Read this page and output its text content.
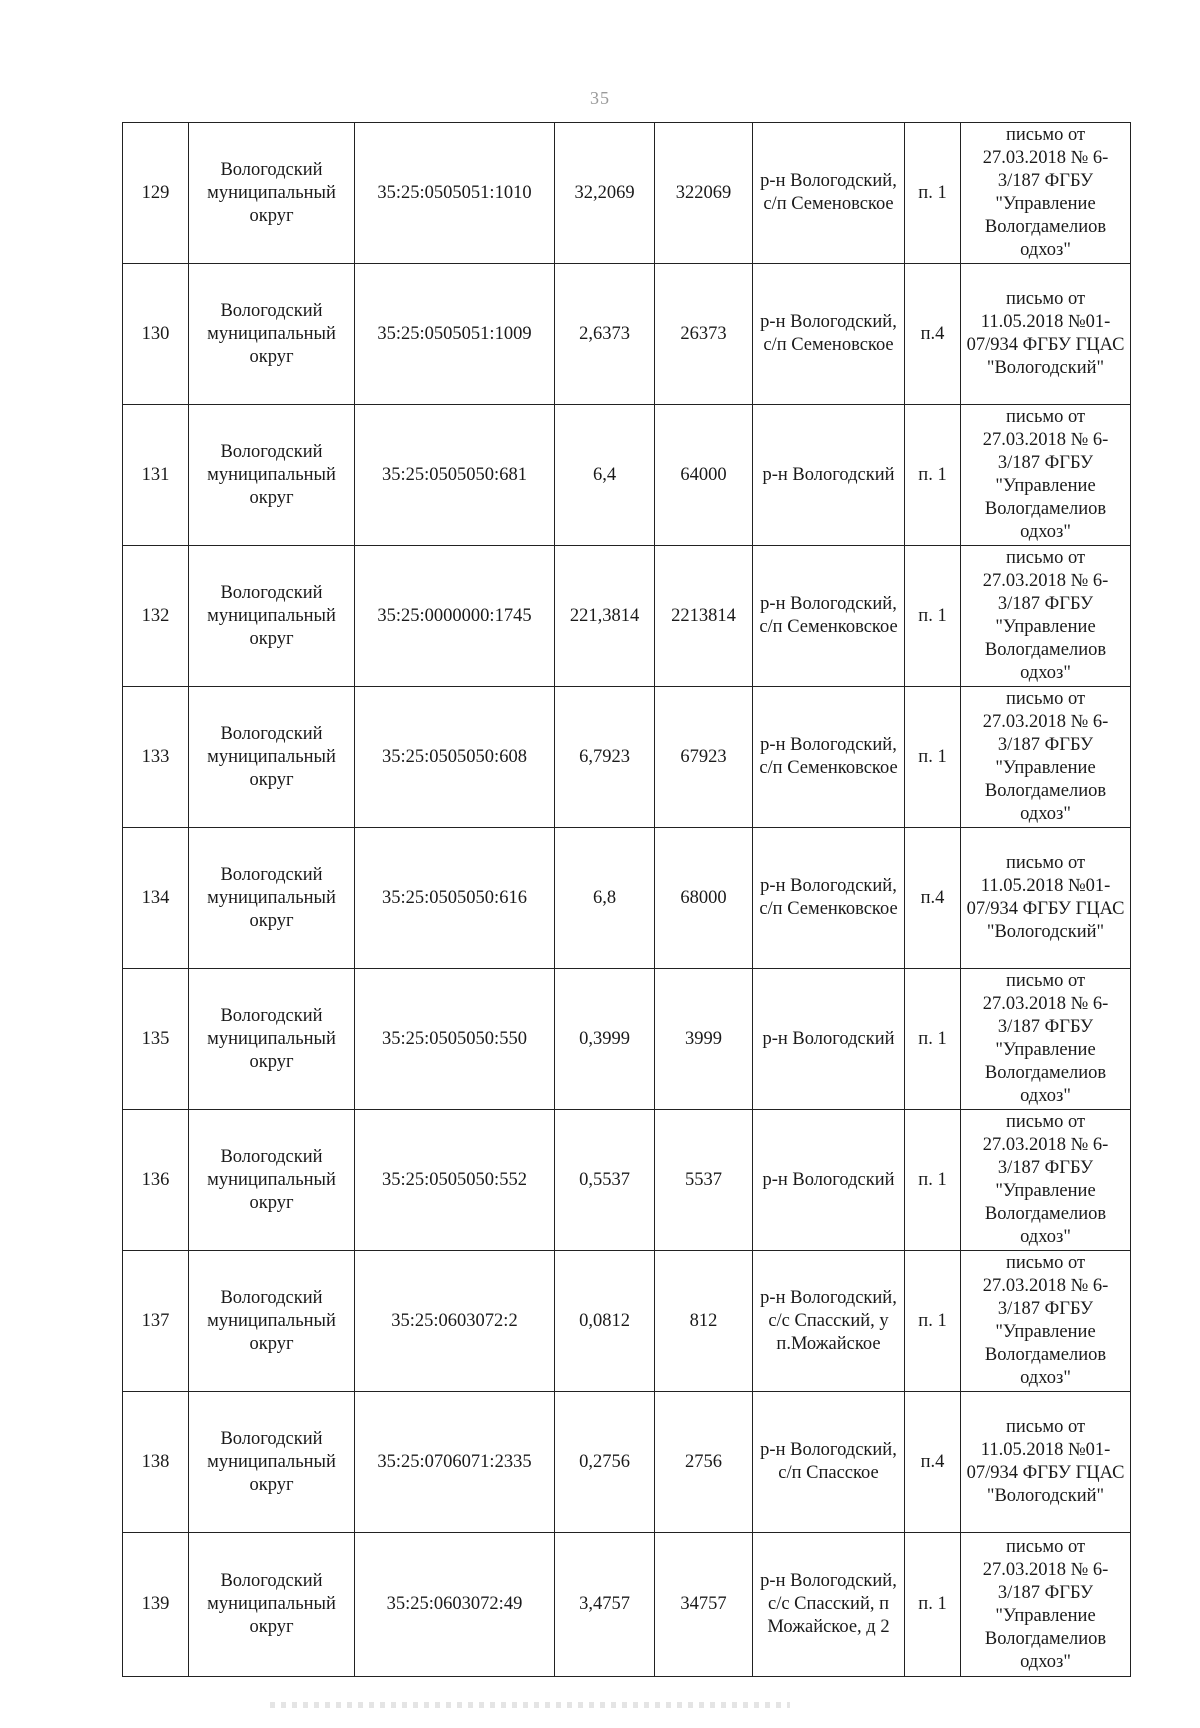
35
129	Вологодский муниципальный округ	35:25:0505051:1010	32,2069	322069	р-н Вологодский, с/п Семеновское	п. 1	письмо от 27.03.2018 № 6-3/187 ФГБУ "Управление Вологдамелиов одхоз"
130	Вологодский муниципальный округ	35:25:0505051:1009	2,6373	26373	р-н Вологодский, с/п Семеновское	п.4	письмо от 11.05.2018 №01-07/934 ФГБУ ГЦАС "Вологодский"
131	Вологодский муниципальный округ	35:25:0505050:681	6,4	64000	р-н Вологодский	п. 1	письмо от 27.03.2018 № 6-3/187 ФГБУ "Управление Вологдамелиов одхоз"
132	Вологодский муниципальный округ	35:25:0000000:1745	221,3814	2213814	р-н Вологодский, с/п Семенковское	п. 1	письмо от 27.03.2018 № 6-3/187 ФГБУ "Управление Вологдамелиов одхоз"
133	Вологодский муниципальный округ	35:25:0505050:608	6,7923	67923	р-н Вологодский, с/п Семенковское	п. 1	письмо от 27.03.2018 № 6-3/187 ФГБУ "Управление Вологдамелиов одхоз"
134	Вологодский муниципальный округ	35:25:0505050:616	6,8	68000	р-н Вологодский, с/п Семенковское	п.4	письмо от 11.05.2018 №01-07/934 ФГБУ ГЦАС "Вологодский"
135	Вологодский муниципальный округ	35:25:0505050:550	0,3999	3999	р-н Вологодский	п. 1	письмо от 27.03.2018 № 6-3/187 ФГБУ "Управление Вологдамелиов одхоз"
136	Вологодский муниципальный округ	35:25:0505050:552	0,5537	5537	р-н Вологодский	п. 1	письмо от 27.03.2018 № 6-3/187 ФГБУ "Управление Вологдамелиов одхоз"
137	Вологодский муниципальный округ	35:25:0603072:2	0,0812	812	р-н Вологодский, с/с Спасский, у п.Можайское	п. 1	письмо от 27.03.2018 № 6-3/187 ФГБУ "Управление Вологдамелиов одхоз"
138	Вологодский муниципальный округ	35:25:0706071:2335	0,2756	2756	р-н Вологодский, с/п Спасское	п.4	письмо от 11.05.2018 №01-07/934 ФГБУ ГЦАС "Вологодский"
139	Вологодский муниципальный округ	35:25:0603072:49	3,4757	34757	р-н Вологодский, с/с Спасский, п Можайское, д 2	п. 1	письмо от 27.03.2018 № 6-3/187 ФГБУ "Управление Вологдамелиов одхоз"
